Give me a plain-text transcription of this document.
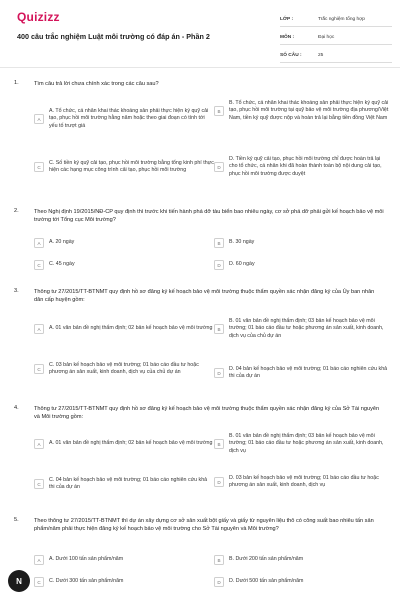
Quizizz
400 câu trắc nghiệm Luật môi trường có đáp án - Phần 2
LỚP :	Trắc nghiệm tổng hợp
MÔN :	Đại học
SỐ CÂU :	25
1.	Tìm câu trả lời chưa chính xác trong các câu sau?
A
A. Tổ chức, cá nhân khai thác khoáng sản phải thực hiện ký quỹ cải tạo, phục hồi môi trường hằng năm hoặc theo giai đoạn có tính tới yếu tố trượt giá
B
B. Tổ chức, cá nhân khai thác khoáng sản phải thực hiện ký quỹ cải tạo, phục hồi môi trường tại quỹ bảo vệ môi trường địa phương/Việt Nam, tiền ký quỹ được nộp và hoàn trả lại bằng tiền đồng Việt Nam
C
C. Số tiền ký quỹ cải tạo, phục hồi môi trường bằng tổng kinh phí thực hiện các hạng mục công trình cải tạo, phục hồi môi trường
D
D. Tiền ký quỹ cải tạo, phục hồi môi trường chỉ được hoàn trả lại cho tổ chức, cá nhân khi đã hoàn thành toàn bộ nội dung cải tạo, phục hồi môi trường được duyệt
2.	Theo Nghị định 19/2015/NĐ-CP quy định thì trước khi tiến hành phá dỡ tàu biển bao nhiêu ngày, cơ sở phá dỡ phải gửi kế hoạch bảo vệ môi trường tới Tổng cục Môi trường?
A	A. 20 ngày	B	B. 30 ngày
C	C. 45 ngày	D	D. 60 ngày
3.	Thông tư 27/2015/TT-BTNMT quy định hồ sơ đăng ký kế hoạch bảo vệ môi trường thuộc thẩm quyền xác nhận đăng ký của Ủy ban nhân dân cấp huyện gồm:
A	A. 01 văn bản đề nghị thẩm định; 02 bản kế hoạch bảo vệ môi trường	B
B. 01 văn bản đề nghị thẩm định; 03 bản kế hoạch bảo vệ môi trường; 01 báo cáo đầu tư hoặc phương án sản xuất, kinh doanh, dịch vụ của chủ dự án
C
C. 03 bản kế hoạch bảo vệ môi trường; 01 báo cáo đầu tư hoặc phương án sản xuất, kinh doanh, dịch vụ của chủ dự án	D
D. 04 bản kế hoạch bảo vệ môi trường; 01 báo cáo nghiên cứu khả thi của dự án
4.	Thông tư 27/2015/TT-BTNMT quy định hồ sơ đăng ký kế hoạch bảo vệ môi trường thuộc thẩm quyền xác nhận đăng ký của Sở Tài nguyên và Môi trường gồm:
A	A. 01 văn bản đề nghị thẩm định; 02 bản kế hoạch bảo vệ môi trường	B
B. 01 văn bản đề nghị thẩm định; 03 bản kế hoạch bảo vệ môi trường; 01 báo cáo đầu tư hoặc phương án sản xuất, kinh doanh, dịch vụ
C
C. 04 bản kế hoạch bảo vệ môi trường; 01 báo cáo nghiên cứu khả thi của dự án
D
D. 03 bản kế hoạch bảo vệ môi trường; 01 báo cáo đầu tư hoặc phương án sản xuất, kinh doanh, dịch vụ
5.	Theo thông tư 27/2015/TT-BTNMT thì dự án xây dựng cơ sở sản xuất bột giấy và giấy từ nguyên liệu thô có công suất bao nhiêu tấn sản phẩm/năm phải thực hiện đăng ký kế hoạch bảo vệ môi trường cho Sở Tài nguyên và Môi trường?
A	A. Dưới 100 tấn sản phẩm/năm	B	B. Dưới 200 tấn sản phẩm/năm
C	C. Dưới 300 tấn sản phẩm/năm	D	D. Dưới 500 tấn sản phẩm/năm
N
